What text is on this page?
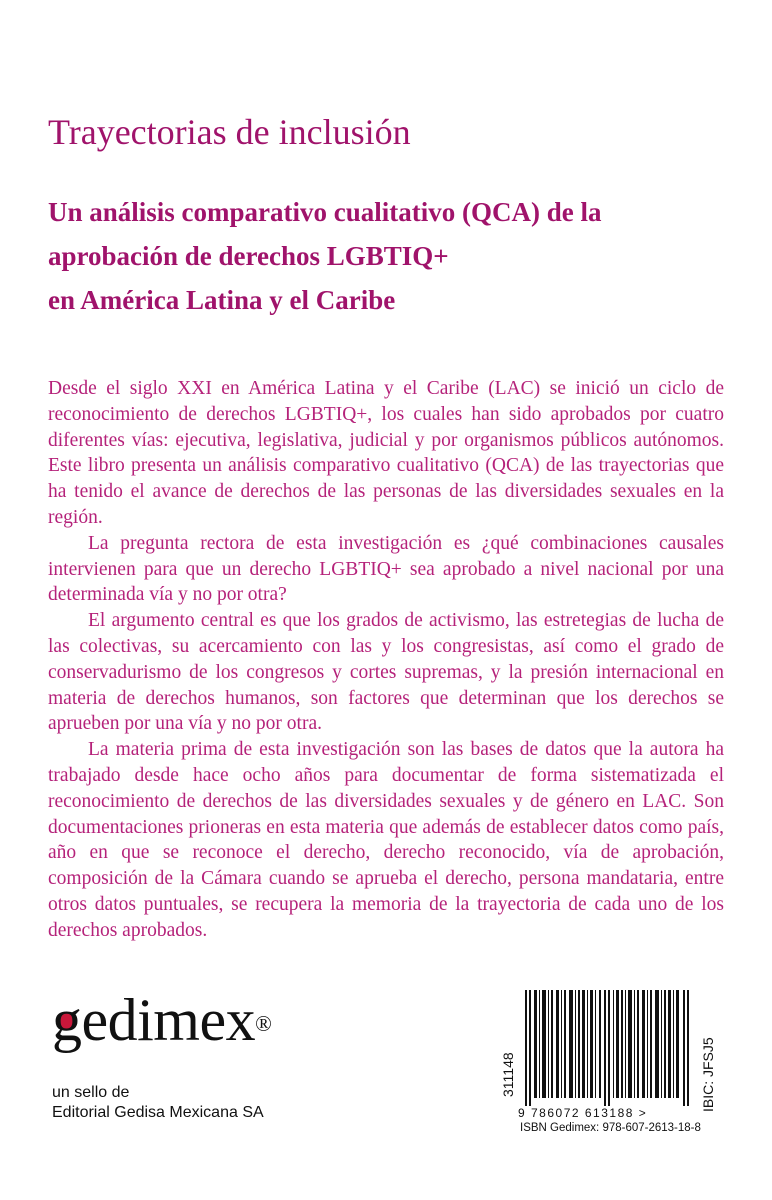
Trayectorias de inclusión
Un análisis comparativo cualitativo (QCA) de la
aprobación de derechos LGBTIQ+
en América Latina y el Caribe

Desde el siglo XXI en América Latina y el Caribe (LAC) se inició un ciclo de reconocimiento de derechos LGBTIQ+, los cuales han sido aprobados por cuatro diferentes vías: ejecutiva, legislativa, judicial y por organismos públicos autónomos. Este libro presenta un análisis comparativo cualitativo (QCA) de las trayectorias que ha tenido el avance de derechos de las personas de las diversidades sexuales en la región.

La pregunta rectora de esta investigación es ¿qué combinaciones causales intervienen para que un derecho LGBTIQ+ sea aprobado a nivel nacional por una determinada vía y no por otra?

El argumento central es que los grados de activismo, las estretegias de lucha de las colectivas, su acercamiento con las y los congresistas, así como el grado de conservadurismo de los congresos y cortes supremas, y la presión internacional en materia de derechos humanos, son factores que determinan que los derechos se aprueben por una vía y no por otra.

La materia prima de esta investigación son las bases de datos que la autora ha trabajado desde hace ocho años para documentar de forma sistematizada el reconocimiento de derechos de las diversidades sexuales y de género en LAC. Son documentaciones prioneras en esta materia que además de establecer datos como país, año en que se reconoce el derecho, derecho reconocido, vía de aprobación, composición de la Cámara cuando se aprueba el derecho, persona mandataria, entre otros datos puntuales, se recupera la memoria de la trayectoria de cada uno de los derechos aprobados.

gedimex®
un sello de
Editorial Gedisa Mexicana SA
311148	IBIC: JFSJ5
9 786072 613188 >
ISBN Gedimex: 978-607-2613-18-8
